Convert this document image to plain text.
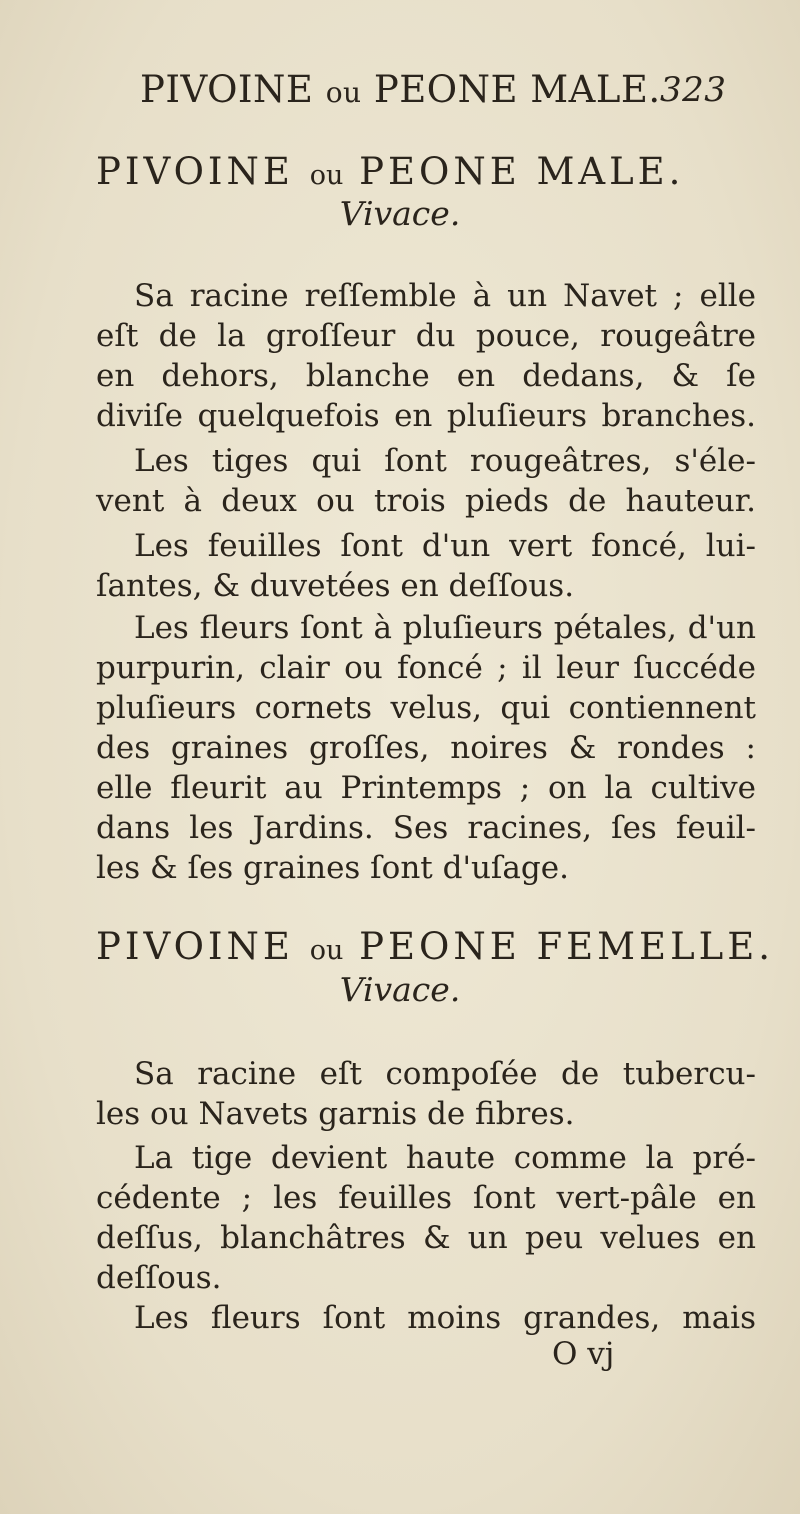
PIVOINE ou PEONE MALE. 323
PIVOINE ou PEONE MALE.
Vivace.
Sa racine reſſemble à un Navet ; elle
eſt de la groſſeur du pouce, rougeâtre
en dehors, blanche en dedans, & ſe
diviſe quelquefois en pluſieurs branches.
Les tiges qui ſont rougeâtres, s'éle-
vent à deux ou trois pieds de hauteur.
Les feuilles ſont d'un vert foncé, lui-
ſantes, & duvetées en deſſous.
Les fleurs ſont à pluſieurs pétales, d'un
purpurin, clair ou foncé ; il leur ſuccéde
pluſieurs cornets velus, qui contiennent
des graines groſſes, noires & rondes :
elle fleurit au Printemps ; on la cultive
dans les Jardins. Ses racines, ſes feuil-
les & ſes graines ſont d'uſage.
PIVOINE ou PEONE FEMELLE.
Vivace.
Sa racine eſt compoſée de tubercu-
les ou Navets garnis de fibres.
La tige devient haute comme la pré-
cédente ; les feuilles ſont vert-pâle en
deſſus, blanchâtres & un peu velues en
deſſous.
Les fleurs ſont moins grandes, mais
O vj
